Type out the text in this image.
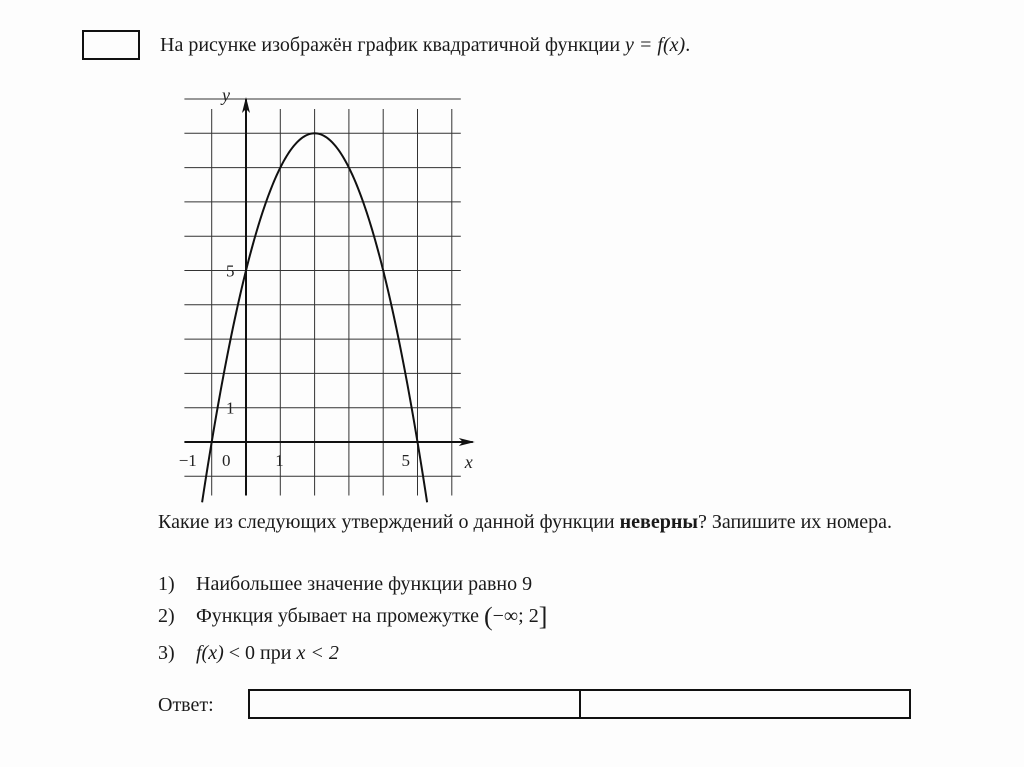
На рисунке изображён график квадратичной функции y = f(x).
y
x
−1 0	1	5
1
5
Какие из следующих утверждений о данной функции неверны? Запишите их номера.
1) Наибольшее значение функции равно 9
2) Функция убывает на промежутке (−∞; 2]
3) f(x) < 0 при x < 2
Ответ:
